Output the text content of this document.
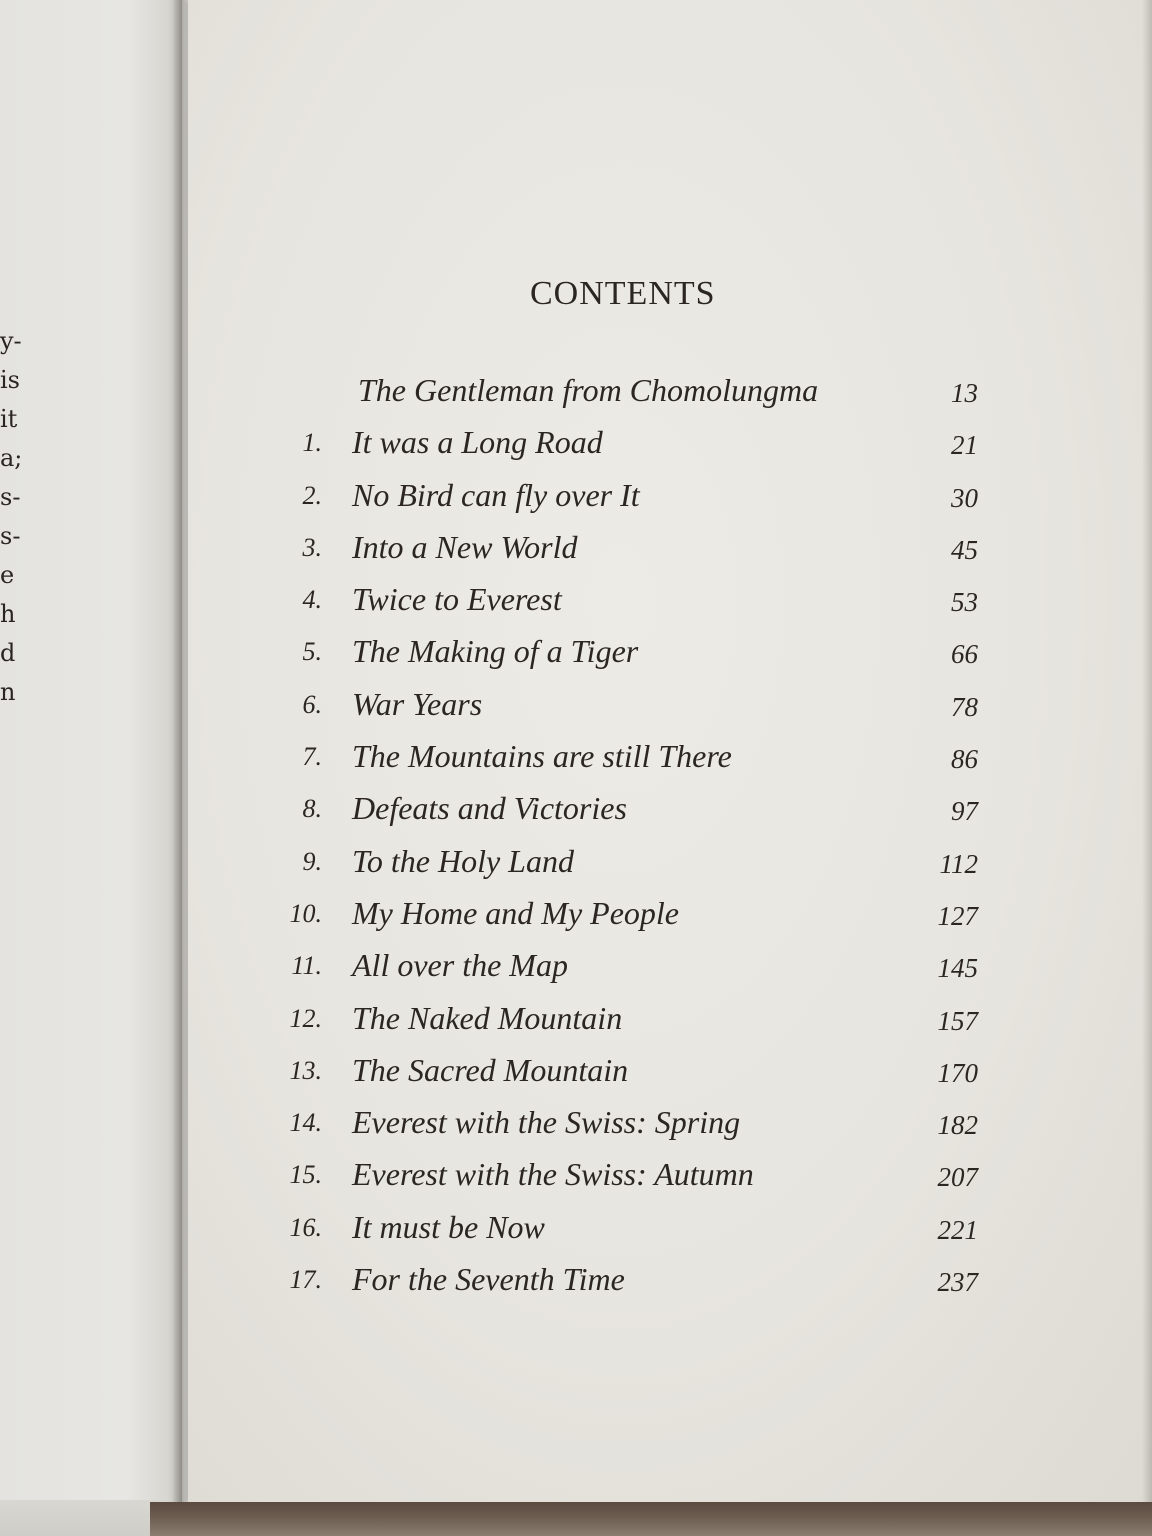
y-
is
it
a;
s-
s-
e
h
d
n
CONTENTS
The Gentleman from Chomolungma	13
1. It was a Long Road	21
2. No Bird can fly over It	30
3. Into a New World	45
4. Twice to Everest	53
5. The Making of a Tiger	66
6. War Years	78
7. The Mountains are still There	86
8. Defeats and Victories	97
9. To the Holy Land	112
10. My Home and My People	127
11. All over the Map	145
12. The Naked Mountain	157
13. The Sacred Mountain	170
14. Everest with the Swiss: Spring	182
15. Everest with the Swiss: Autumn	207
16. It must be Now	221
17. For the Seventh Time	237
